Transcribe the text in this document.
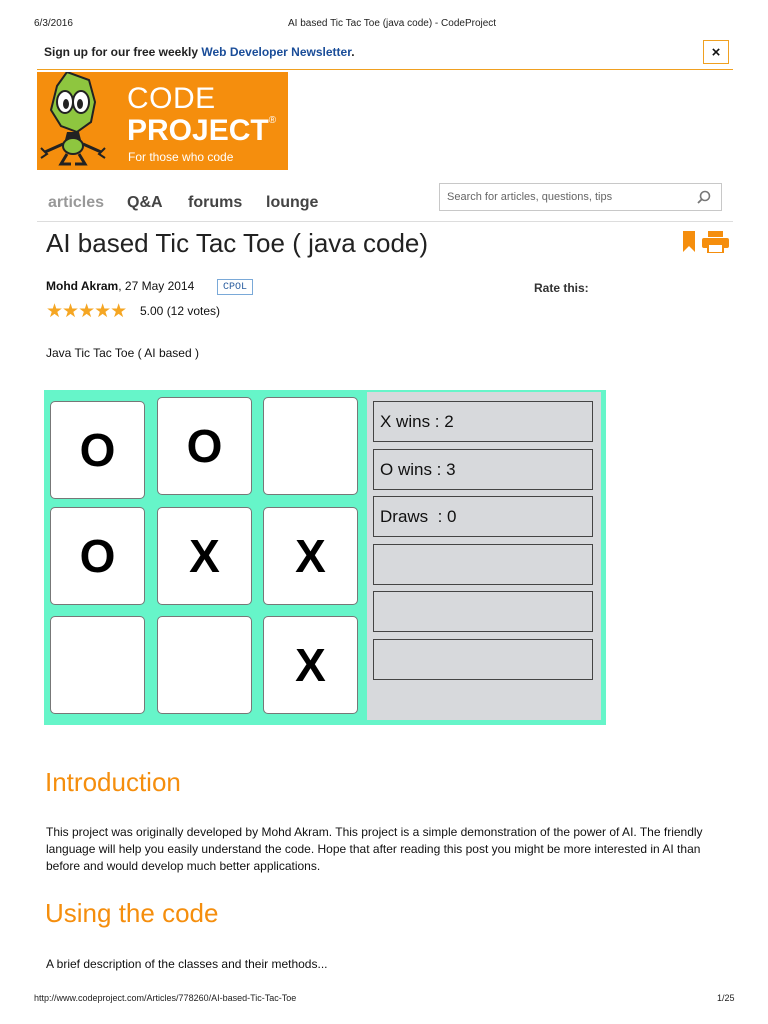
6/3/2016	AI based Tic Tac Toe (java code) - CodeProject
Sign up for our free weekly Web Developer Newsletter.	×
CODE
PROJECT®
For those who code
articles Q&A forums lounge
Search for articles, questions, tips
AI based Tic Tac Toe ( java code)
Mohd Akram, 27 May 2014	CPOL	Rate this:
★★★★★ 5.00 (12 votes)
Java Tic Tac Toe ( AI based )
O	O
O	X	X
X
X wins : 2
O wins : 3
Draws  : 0
Introduction
This project was originally developed by Mohd Akram. This project is a simple demonstration of the power of AI. The friendly language will help you easily understand the code. Hope that after reading this post you might be more interested in AI than before and would develop much better applications.
Using the code
A brief description of the classes and their methods...
http://www.codeproject.com/Articles/778260/AI-based-Tic-Tac-Toe	1/25
